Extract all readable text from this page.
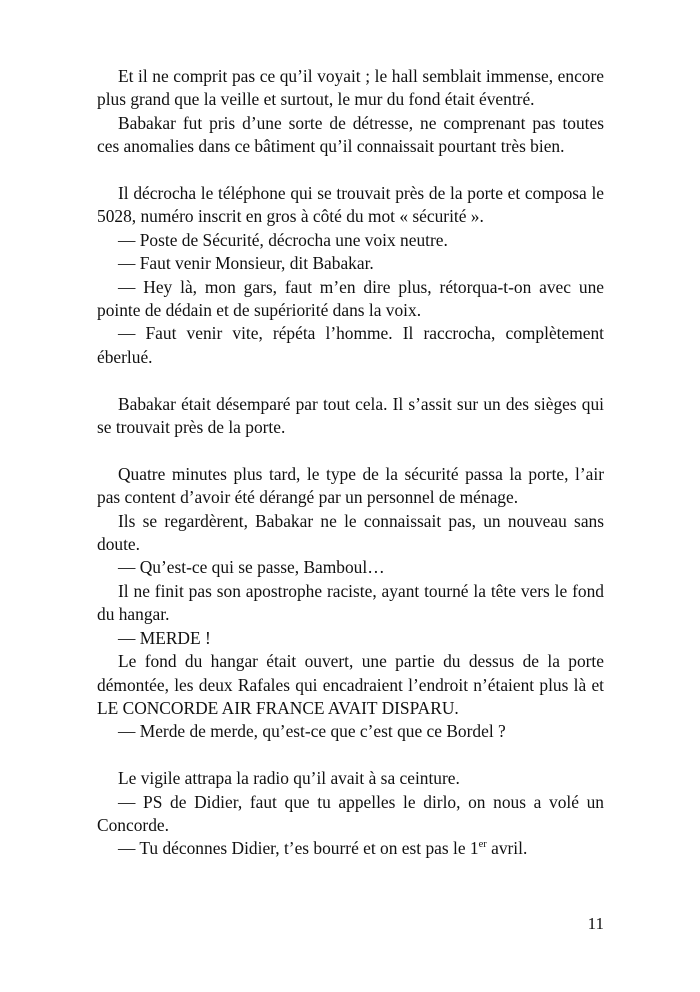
Et il ne comprit pas ce qu’il voyait ; le hall semblait immense, encore plus grand que la veille et surtout, le mur du fond était éventré.

Babakar fut pris d’une sorte de détresse, ne comprenant pas toutes ces anomalies dans ce bâtiment qu’il connaissait pourtant très bien.

Il décrocha le téléphone qui se trouvait près de la porte et composa le 5028, numéro inscrit en gros à côté du mot « sécurité ».

— Poste de Sécurité, décrocha une voix neutre.

— Faut venir Monsieur, dit Babakar.

— Hey là, mon gars, faut m’en dire plus, rétorqua-t-on avec une pointe de dédain et de supériorité dans la voix.

— Faut venir vite, répéta l’homme. Il raccrocha, complètement éberlué.

Babakar était désemparé par tout cela. Il s’assit sur un des sièges qui se trouvait près de la porte.

Quatre minutes plus tard, le type de la sécurité passa la porte, l’air pas content d’avoir été dérangé par un personnel de ménage.

Ils se regardèrent, Babakar ne le connaissait pas, un nouveau sans doute.

— Qu’est-ce qui se passe, Bamboul…

Il ne finit pas son apostrophe raciste, ayant tourné la tête vers le fond du hangar.

— MERDE !

Le fond du hangar était ouvert, une partie du dessus de la porte démontée, les deux Rafales qui encadraient l’endroit n’étaient plus là et LE CONCORDE AIR FRANCE AVAIT DISPARU.

— Merde de merde, qu’est-ce que c’est que ce Bordel ?

Le vigile attrapa la radio qu’il avait à sa ceinture.

— PS de Didier, faut que tu appelles le dirlo, on nous a volé un Concorde.

— Tu déconnes Didier, t’es bourré et on est pas le 1er avril.

11
